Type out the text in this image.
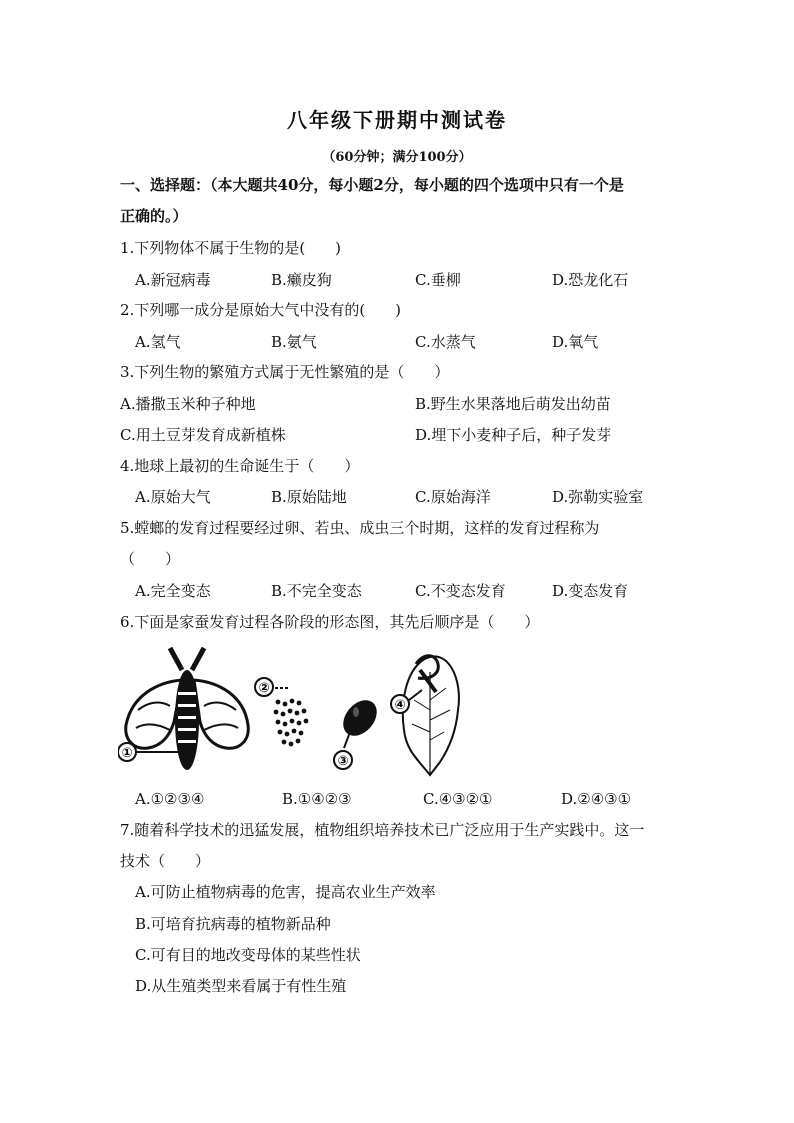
八年级下册期中测试卷
（60分钟；满分100分）
一、选择题：（本大题共40分，每小题2分，每小题的四个选项中只有一个是
正确的。）
1.下列物体不属于生物的是(　　)
A.新冠病毒	B.癞皮狗	C.垂柳	D.恐龙化石
2.下列哪一成分是原始大气中没有的(　　)
A.氢气	B.氨气	C.水蒸气	D.氧气
3.下列生物的繁殖方式属于无性繁殖的是（　　）
A.播撒玉米种子种地	B.野生水果落地后萌发出幼苗
C.用土豆芽发育成新植株	D.埋下小麦种子后，种子发芽
4.地球上最初的生命诞生于（　　）
A.原始大气	B.原始陆地	C.原始海洋	D.弥勒实验室
5.螳螂的发育过程要经过卵、若虫、成虫三个时期，这样的发育过程称为
（　　）
A.完全变态	B.不完全变态	C.不变态发育	D.变态发育
6.下面是家蚕发育过程各阶段的形态图，其先后顺序是（　　）
①
②
③
④
A.①②③④	B.①④②③	C.④③②①	D.②④③①
7.随着科学技术的迅猛发展，植物组织培养技术已广泛应用于生产实践中。这一
技术（　　）
A.可防止植物病毒的危害，提高农业生产效率
B.可培育抗病毒的植物新品种
C.可有目的地改变母体的某些性状
D.从生殖类型来看属于有性生殖
